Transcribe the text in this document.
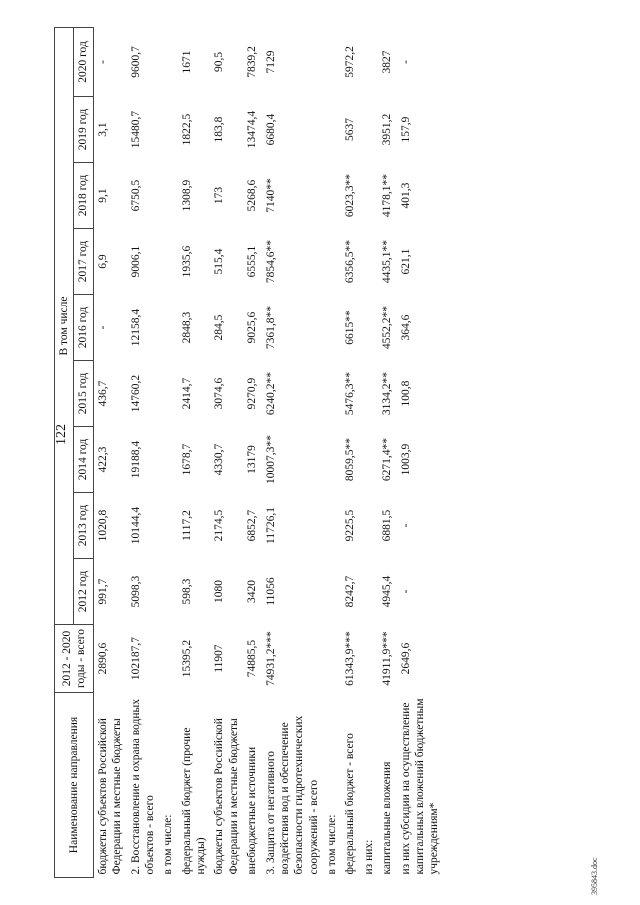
122
Наименование направления	2012 - 2020 годы - всего	В том числе								
		2012 год	2013 год	2014 год	2015 год	2016 год	2017 год	2018 год	2019 год	2020 год
бюджеты субъектов Российской Федерации и местные бюджеты	2890,6	991,7	1020,8	422,3	436,7	-	6,9	9,1	3,1	-
2. Восстановление и охрана водных объектов - всего	102187,7	5098,3	10144,4	19188,4	14760,2	12158,4	9006,1	6750,5	15480,7	9600,7
в том числе:										
федеральный бюджет (прочие нужды)	15395,2	598,3	1117,2	1678,7	2414,7	2848,3	1935,6	1308,9	1822,5	1671
бюджеты субъектов Российской Федерации и местные бюджеты	11907	1080	2174,5	4330,7	3074,6	284,5	515,4	173	183,8	90,5
внебюджетные источники	74885,5	3420	6852,7	13179	9270,9	9025,6	6555,1	5268,6	13474,4	7839,2
3. Защита от негативного воздействия вод и обеспечение безопасности гидротехнических сооружений - всего	74931,2***	11056	11726,1	10007,3**	6240,2**	7361,8**	7854,6**	7140**	6680,4	7129
в том числе:										
федеральный бюджет - всего	61343,9***	8242,7	9225,5	8059,5**	5476,3**	6615**	6356,5**	6023,3**	5637	5972,2
из них:										
капитальные вложения	41911,9***	4945,4	6881,5	6271,4**	3134,2**	4552,2**	4435,1**	4178,1**	3951,2	3827
из них субсидии на осуществление капитальных вложений бюджетным учреждениям*	2649,6	-	-	1003,9	100,8	364,6	621,1	401,3	157,9	-
395843.doc
